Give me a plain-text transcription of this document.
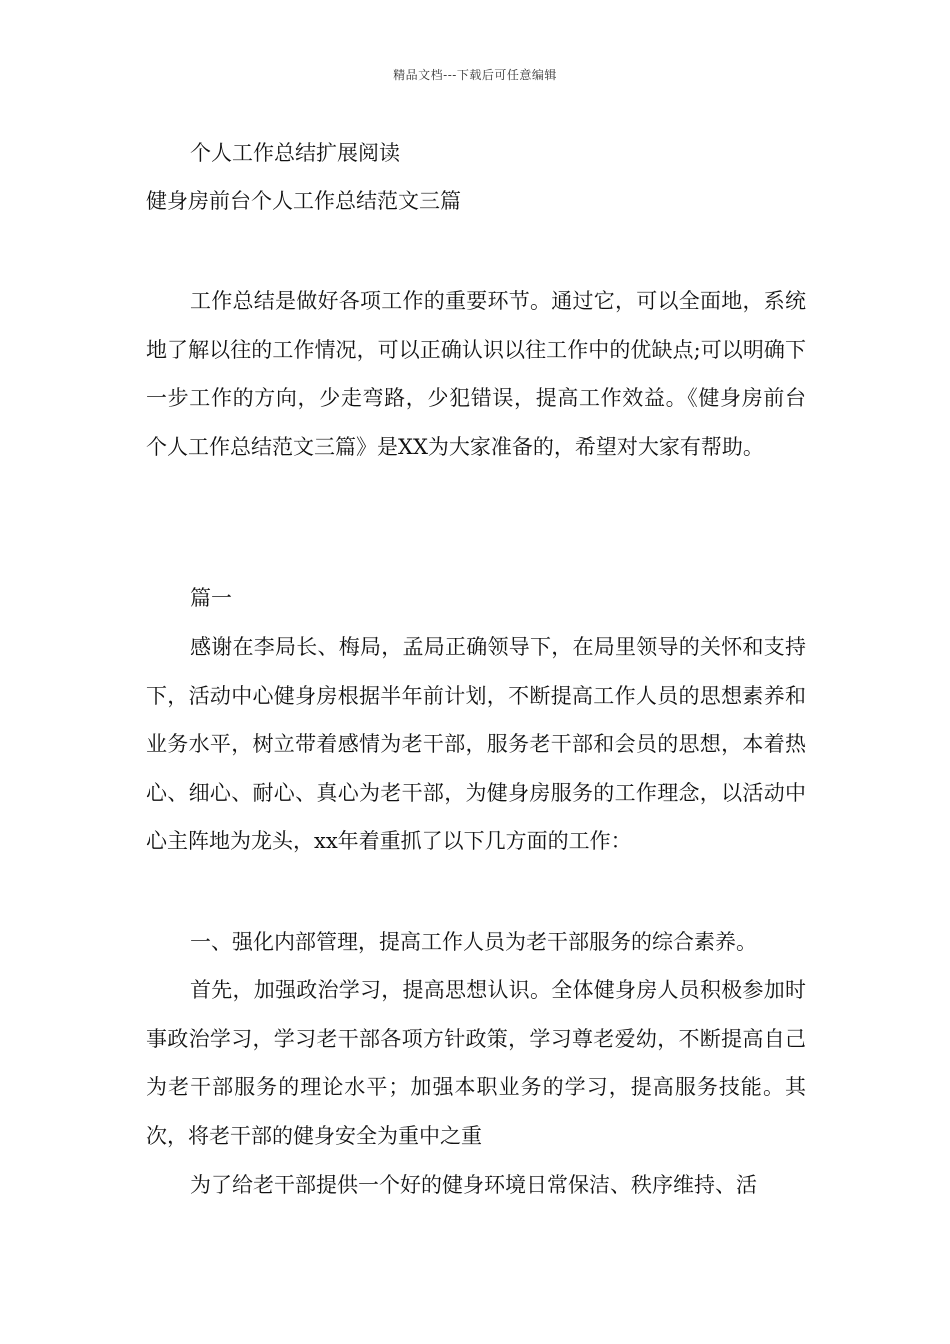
精品文档---下载后可任意编辑
个人工作总结扩展阅读
健身房前台个人工作总结范文三篇

工作总结是做好各项工作的重要环节。通过它，可以全面地，系统地了解以往的工作情况，可以正确认识以往工作中的优缺点;可以明确下一步工作的方向，少走弯路，少犯错误，提高工作效益。《健身房前台个人工作总结范文三篇》是XX为大家准备的，希望对大家有帮助。

篇一

感谢在李局长、梅局，孟局正确领导下，在局里领导的关怀和支持下，活动中心健身房根据半年前计划，不断提高工作人员的思想素养和业务水平，树立带着感情为老干部，服务老干部和会员的思想，本着热心、细心、耐心、真心为老干部，为健身房服务的工作理念，以活动中心主阵地为龙头，xx年着重抓了以下几方面的工作：

一、强化内部管理，提高工作人员为老干部服务的综合素养。

首先，加强政治学习，提高思想认识。全体健身房人员积极参加时事政治学习，学习老干部各项方针政策，学习尊老爱幼，不断提高自己为老干部服务的理论水平；加强本职业务的学习，提高服务技能。其次，将老干部的健身安全为重中之重

为了给老干部提供一个好的健身环境日常保洁、秩序维持、活
